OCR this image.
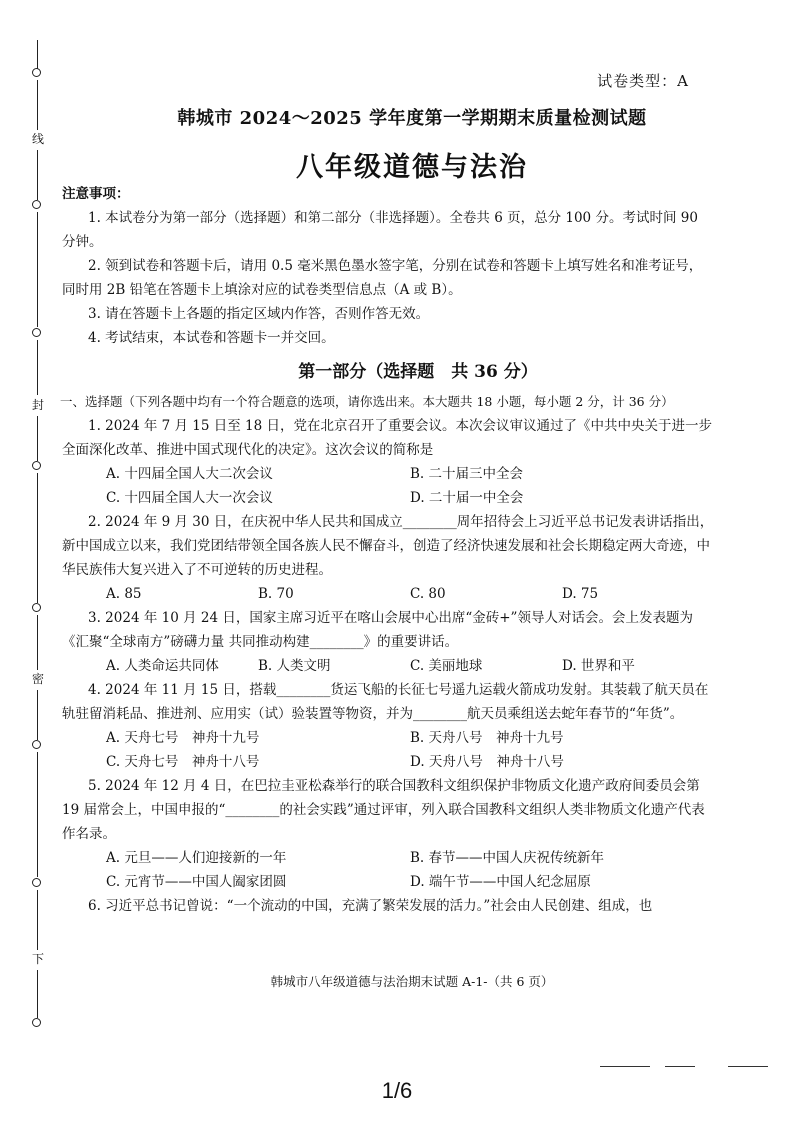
线
封
密
下
试卷类型：A
韩城市 2024～2025 学年度第一学期期末质量检测试题
八年级道德与法治
注意事项：
1. 本试卷分为第一部分（选择题）和第二部分（非选择题）。全卷共 6 页，总分 100 分。考试时间 90 分钟。
2. 领到试卷和答题卡后，请用 0.5 毫米黑色墨水签字笔，分别在试卷和答题卡上填写姓名和准考证号，同时用 2B 铅笔在答题卡上填涂对应的试卷类型信息点（A 或 B）。
3. 请在答题卡上各题的指定区域内作答，否则作答无效。
4. 考试结束，本试卷和答题卡一并交回。
第一部分（选择题　共 36 分）
一、选择题（下列各题中均有一个符合题意的选项，请你选出来。本大题共 18 小题，每小题 2 分，计 36 分）
1. 2024 年 7 月 15 日至 18 日，党在北京召开了重要会议。本次会议审议通过了《中共中央关于进一步全面深化改革、推进中国式现代化的决定》。这次会议的简称是
A. 十四届全国人大二次会议	B. 二十届三中全会
C. 十四届全国人大一次会议	D. 二十届一中全会
2. 2024 年 9 月 30 日，在庆祝中华人民共和国成立________周年招待会上习近平总书记发表讲话指出，新中国成立以来，我们党团结带领全国各族人民不懈奋斗，创造了经济快速发展和社会长期稳定两大奇迹，中华民族伟大复兴进入了不可逆转的历史进程。
A. 85	B. 70	C. 80	D. 75
3. 2024 年 10 月 24 日，国家主席习近平在喀山会展中心出席“金砖+”领导人对话会。会上发表题为《汇聚“全球南方”磅礴力量 共同推动构建________》的重要讲话。
A. 人类命运共同体	B. 人类文明	C. 美丽地球	D. 世界和平
4. 2024 年 11 月 15 日，搭载________货运飞船的长征七号遥九运载火箭成功发射。其装载了航天员在轨驻留消耗品、推进剂、应用实（试）验装置等物资，并为________航天员乘组送去蛇年春节的“年货”。
A. 天舟七号　神舟十九号	B. 天舟八号　神舟十九号
C. 天舟七号　神舟十八号	D. 天舟八号　神舟十八号
5. 2024 年 12 月 4 日，在巴拉圭亚松森举行的联合国教科文组织保护非物质文化遗产政府间委员会第 19 届常会上，中国申报的“________的社会实践”通过评审，列入联合国教科文组织人类非物质文化遗产代表作名录。
A. 元旦——人们迎接新的一年	B. 春节——中国人庆祝传统新年
C. 元宵节——中国人阖家团圆	D. 端午节——中国人纪念屈原
6. 习近平总书记曾说：“一个流动的中国，充满了繁荣发展的活力。”社会由人民创建、组成，也
韩城市八年级道德与法治期末试题 A-1-（共 6 页）
1/6
